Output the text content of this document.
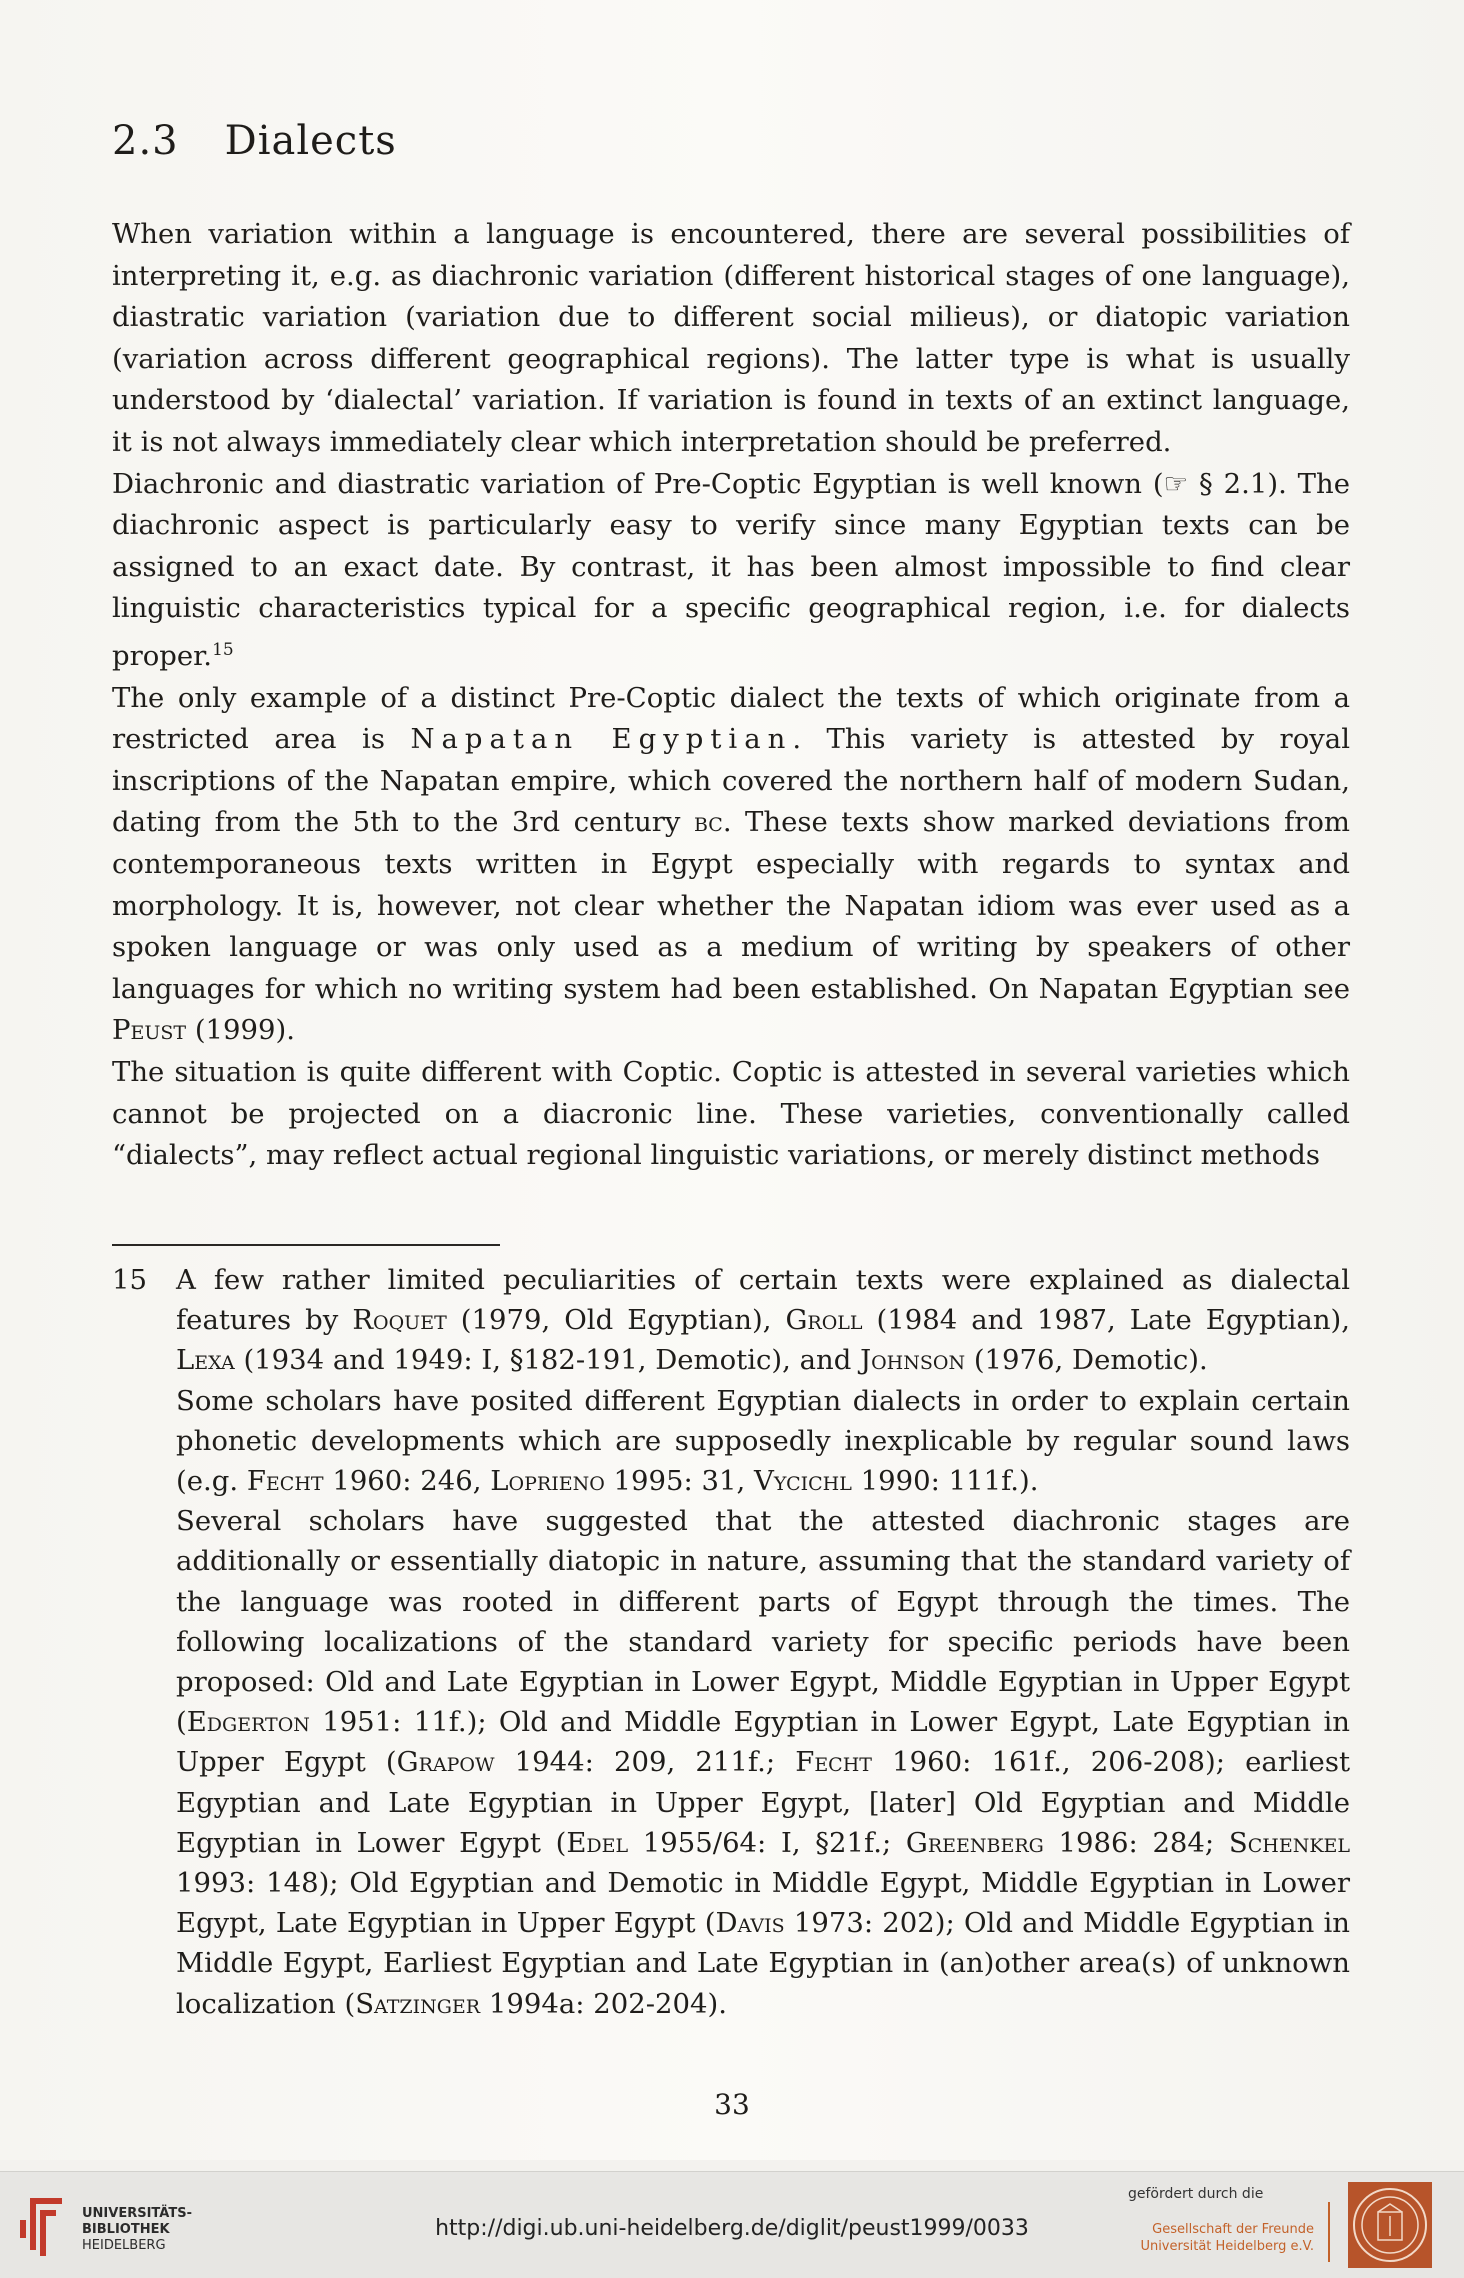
2.3 Dialects

When variation within a language is encountered, there are several possibilities of interpreting it, e.g. as diachronic variation (different historical stages of one language), diastratic variation (variation due to different social milieus), or diatopic variation (variation across different geographical regions). The latter type is what is usually understood by ‘dialectal’ variation. If variation is found in texts of an extinct language, it is not always immediately clear which interpretation should be preferred.

Diachronic and diastratic variation of Pre-Coptic Egyptian is well known (☞ § 2.1). The diachronic aspect is particularly easy to verify since many Egyptian texts can be assigned to an exact date. By contrast, it has been almost impossible to find clear linguistic characteristics typical for a specific geographical region, i.e. for dialects proper.$^{15}$

The only example of a distinct Pre-Coptic dialect the texts of which originate from a restricted area is Napatan Egyptian. This variety is attested by royal inscriptions of the Napatan empire, which covered the northern half of modern Sudan, dating from the 5th to the 3rd century bc. These texts show marked deviations from contemporaneous texts written in Egypt especially with regards to syntax and morphology. It is, however, not clear whether the Napatan idiom was ever used as a spoken language or was only used as a medium of writing by speakers of other languages for which no writing system had been established. On Napatan Egyptian see Peust (1999).

The situation is quite different with Coptic. Coptic is attested in several varieties which cannot be projected on a diacronic line. These varieties, conventionally called “dialects”, may reflect actual regional linguistic variations, or merely distinct methods

15	A few rather limited peculiarities of certain texts were explained as dialectal features by Roquet (1979, Old Egyptian), Groll (1984 and 1987, Late Egyptian), Lexa (1934 and 1949: I, §182-191, Demotic), and Johnson (1976, Demotic).

Some scholars have posited different Egyptian dialects in order to explain certain phonetic developments which are supposedly inexplicable by regular sound laws (e.g. Fecht 1960: 246, Loprieno 1995: 31, Vycichl 1990: 111f.).

Several scholars have suggested that the attested diachronic stages are additionally or essentially diatopic in nature, assuming that the standard variety of the language was rooted in different parts of Egypt through the times. The following localizations of the standard variety for specific periods have been proposed: Old and Late Egyptian in Lower Egypt, Middle Egyptian in Upper Egypt (Edgerton 1951: 11f.); Old and Middle Egyptian in Lower Egypt, Late Egyptian in Upper Egypt (Grapow 1944: 209, 211f.; Fecht 1960: 161f., 206-208); earliest Egyptian and Late Egyptian in Upper Egypt, [later] Old Egyptian and Middle Egyptian in Lower Egypt (Edel 1955/64: I, §21f.; Greenberg 1986: 284; Schenkel 1993: 148); Old Egyptian and Demotic in Middle Egypt, Middle Egyptian in Lower Egypt, Late Egyptian in Upper Egypt (Davis 1973: 202); Old and Middle Egyptian in Middle Egypt, Earliest Egyptian and Late Egyptian in (an)other area(s) of unknown localization (Satzinger 1994a: 202-204).

33
UNIVERSITÄTS-
BIBLIOTHEK
HEIDELBERG
http://digi.ub.uni-heidelberg.de/diglit/peust1999/0033
gefördert durch die
Gesellschaft der Freunde
Universität Heidelberg e.V.
